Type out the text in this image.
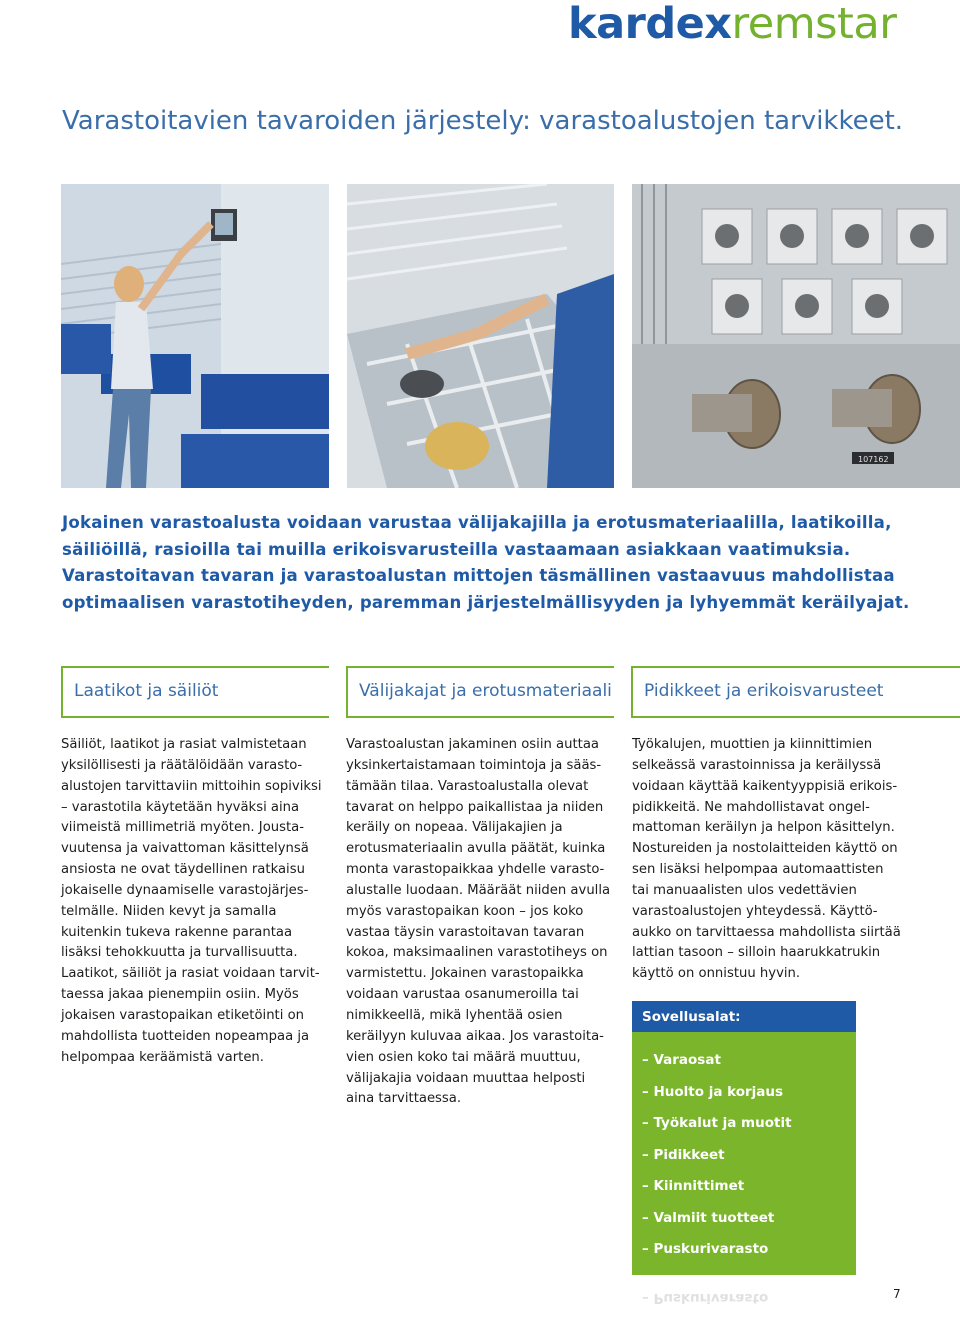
kardexremstar
Varastoitavien tavaroiden järjestely: varastoalustojen tarvikkeet.
107162

Jokainen varastoalusta voidaan varustaa välijakajilla ja erotusmateriaalilla, laatikoilla, säiliöillä, rasioilla tai muilla erikoisvarusteilla vastaamaan asiakkaan vaatimuksia. Varastoitavan tavaran ja varastoalustan mittojen täsmällinen vastaavuus mahdollistaa optimaalisen varastotiheyden, paremman järjestelmällisyyden ja lyhyemmät keräilyajat.

Laatikot ja säiliöt	Välijakajat ja erotusmateriaali Pidikkeet ja erikoisvarusteet

Säiliöt, laatikot ja rasiat valmistetaan yksilöllisesti ja räätälöidään varastoalustojen tarvittaviin mittoihin sopiviksi – varastotila käytetään hyväksi aina viimeistä millimetriä myöten. Joustavuutensa ja vaivattoman käsittelynsä ansiosta ne ovat täydellinen ratkaisu jokaiselle dynaamiselle varastojärjestelmälle. Niiden kevyt ja samalla kuitenkin tukeva rakenne parantaa lisäksi tehokkuutta ja turvallisuutta. Laatikot, säiliöt ja rasiat voidaan tarvittaessa jakaa pienempiin osiin. Myös jokaisen varastopaikan etiketöinti on mahdollista tuotteiden nopeampaa ja helpompaa keräämistä varten.

Varastoalustan jakaminen osiin auttaa yksinkertaistamaan toimintoja ja säästämään tilaa. Varastoalustalla olevat tavarat on helppo paikallistaa ja niiden keräily on nopeaa. Välijakajien ja erotusmateriaalin avulla päätät, kuinka monta varastopaikkaa yhdelle varastoalustalle luodaan. Määräät niiden avulla myös varastopaikan koon – jos koko vastaa täysin varastoitavan tavaran kokoa, maksimaalinen varastotiheys on varmistettu. Jokainen varastopaikka voidaan varustaa osanumeroilla tai nimikkeellä, mikä lyhentää osien keräilyyn kuluvaa aikaa. Jos varastoitavien osien koko tai määrä muuttuu, välijakajia voidaan muuttaa helposti aina tarvittaessa.

Työkalujen, muottien ja kiinnittimien selkeässä varastoinnissa ja keräilyssä voidaan käyttää kaikentyyppisiä erikoispidikkeitä. Ne mahdollistavat ongelmattoman keräilyn ja helpon käsittelyn. Nostureiden ja nostolaitteiden käyttö on sen lisäksi helpompaa automaattisten tai manuaalisten ulos vedettävien varastoalustojen yhteydessä. Käyttöaukko on tarvittaessa mahdollista siirtää lattian tasoon – silloin haarukkatrukin käyttö on onnistuu hyvin.

Sovellusalat:
– Varaosat
– Huolto ja korjaus
– Työkalut ja muotit
– Pidikkeet
– Kiinnittimet
– Valmiit tuotteet
– Puskurivarasto
– Puskurivarasto	7
